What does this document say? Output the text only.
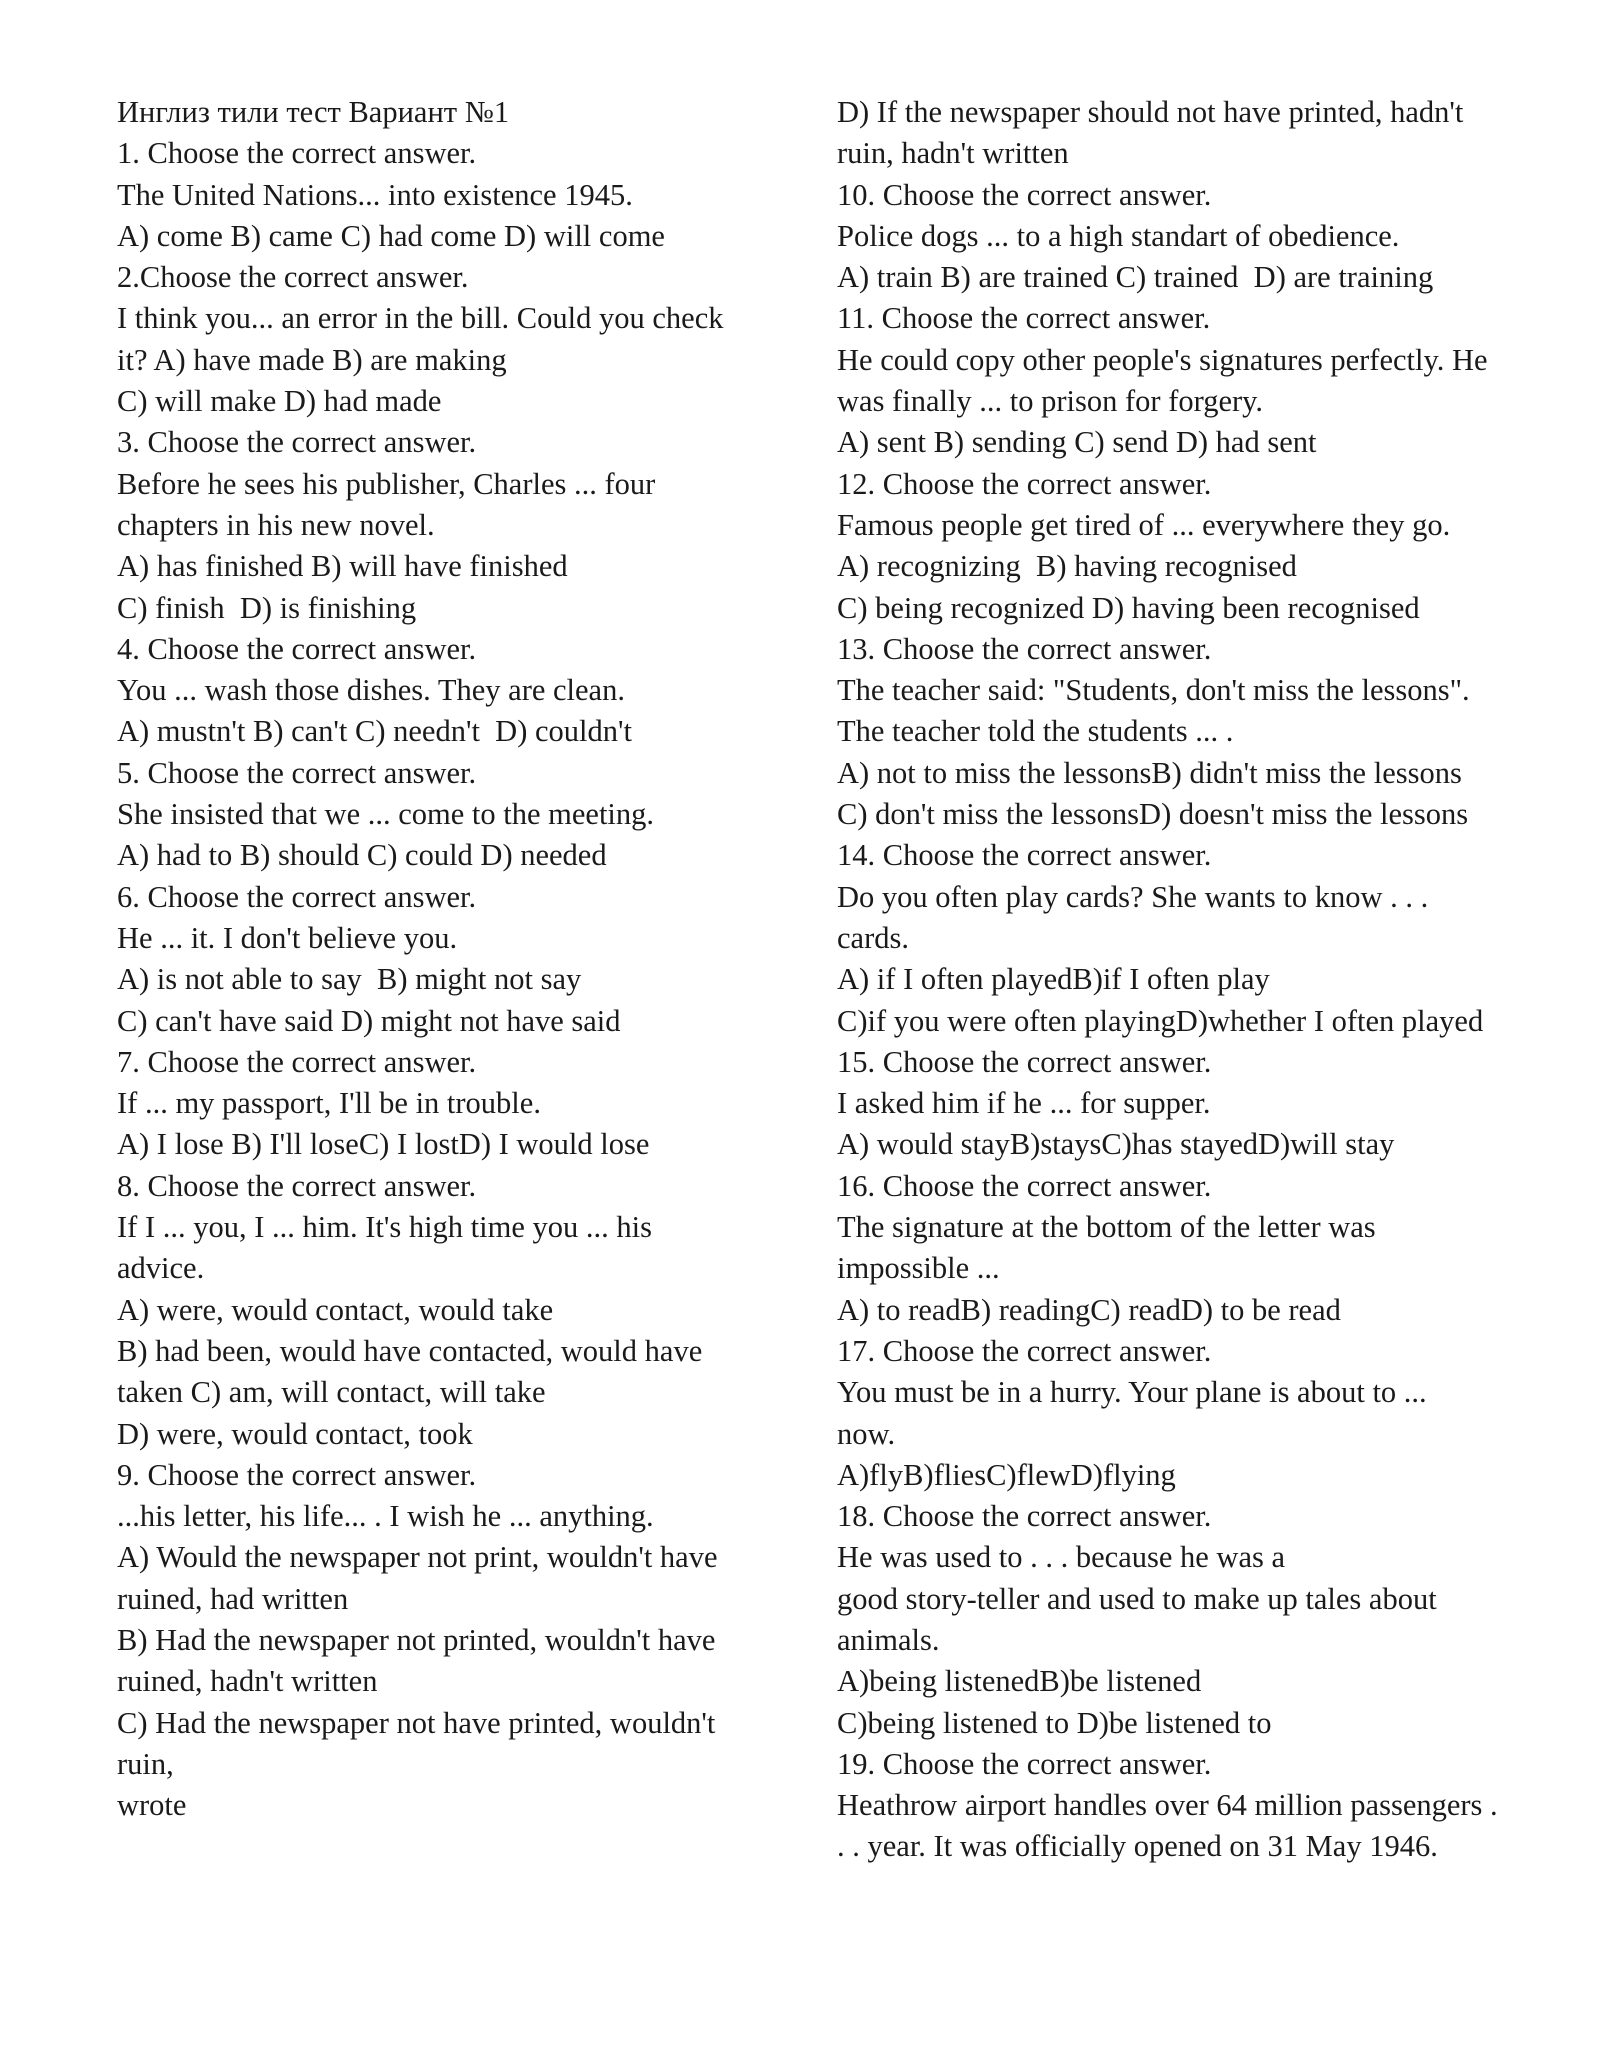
Инглиз тили тест Вариант №1
1. Choose the correct answer.
The United Nations... into existence 1945.
A) come B) came C) had come D) will come
2.Choose the correct answer.
I think you... an error in the bill. Could you check
it? A) have made B) are making
C) will make D) had made
3. Choose the correct answer.
Before he sees his publisher, Charles ... four
chapters in his new novel.
A) has finished B) will have finished
C) finish  D) is finishing
4. Choose the correct answer.
You ... wash those dishes. They are clean.
A) mustn't B) can't C) needn't  D) couldn't
5. Choose the correct answer.
She insisted that we ... come to the meeting.
A) had to B) should C) could D) needed
6. Choose the correct answer.
He ... it. I don't believe you.
A) is not able to say  B) might not say
C) can't have said D) might not have said
7. Choose the correct answer.
If ... my passport, I'll be in trouble.
A) I lose B) I'll loseC) I lostD) I would lose
8. Choose the correct answer.
If I ... you, I ... him. It's high time you ... his
advice.
A) were, would contact, would take
B) had been, would have contacted, would have
taken C) am, will contact, will take
D) were, would contact, took
9. Choose the correct answer.
...his letter, his life... . I wish he ... anything.
A) Would the newspaper not print, wouldn't have
ruined, had written
B) Had the newspaper not printed, wouldn't have
ruined, hadn't written
C) Had the newspaper not have printed, wouldn't
ruin,
wrote
D) If the newspaper should not have printed, hadn't
ruin, hadn't written
10. Choose the correct answer.
Police dogs ... to a high standart of obedience.
A) train B) are trained C) trained  D) are training
11. Choose the correct answer.
He could copy other people's signatures perfectly. He
was finally ... to prison for forgery.
A) sent B) sending C) send D) had sent
12. Choose the correct answer.
Famous people get tired of ... everywhere they go.
A) recognizing  B) having recognised
C) being recognized D) having been recognised
13. Choose the correct answer.
The teacher said: "Students, don't miss the lessons".
The teacher told the students ... .
A) not to miss the lessonsB) didn't miss the lessons
C) don't miss the lessonsD) doesn't miss the lessons
14. Choose the correct answer.
Do you often play cards? She wants to know . . .
cards.
A) if I often playedB)if I often play
C)if you were often playingD)whether I often played
15. Choose the correct answer.
I asked him if he ... for supper.
A) would stayB)staysC)has stayedD)will stay
16. Choose the correct answer.
The signature at the bottom of the letter was
impossible ...
A) to readB) readingC) readD) to be read
17. Choose the correct answer.
You must be in a hurry. Your plane is about to ...
now.
A)flyB)fliesC)flewD)flying
18. Choose the correct answer.
He was used to . . . because he was a
good story-teller and used to make up tales about
animals.
A)being listenedB)be listened
C)being listened to D)be listened to
19. Choose the correct answer.
Heathrow airport handles over 64 million passengers .
. . year. It was officially opened on 31 May 1946.
